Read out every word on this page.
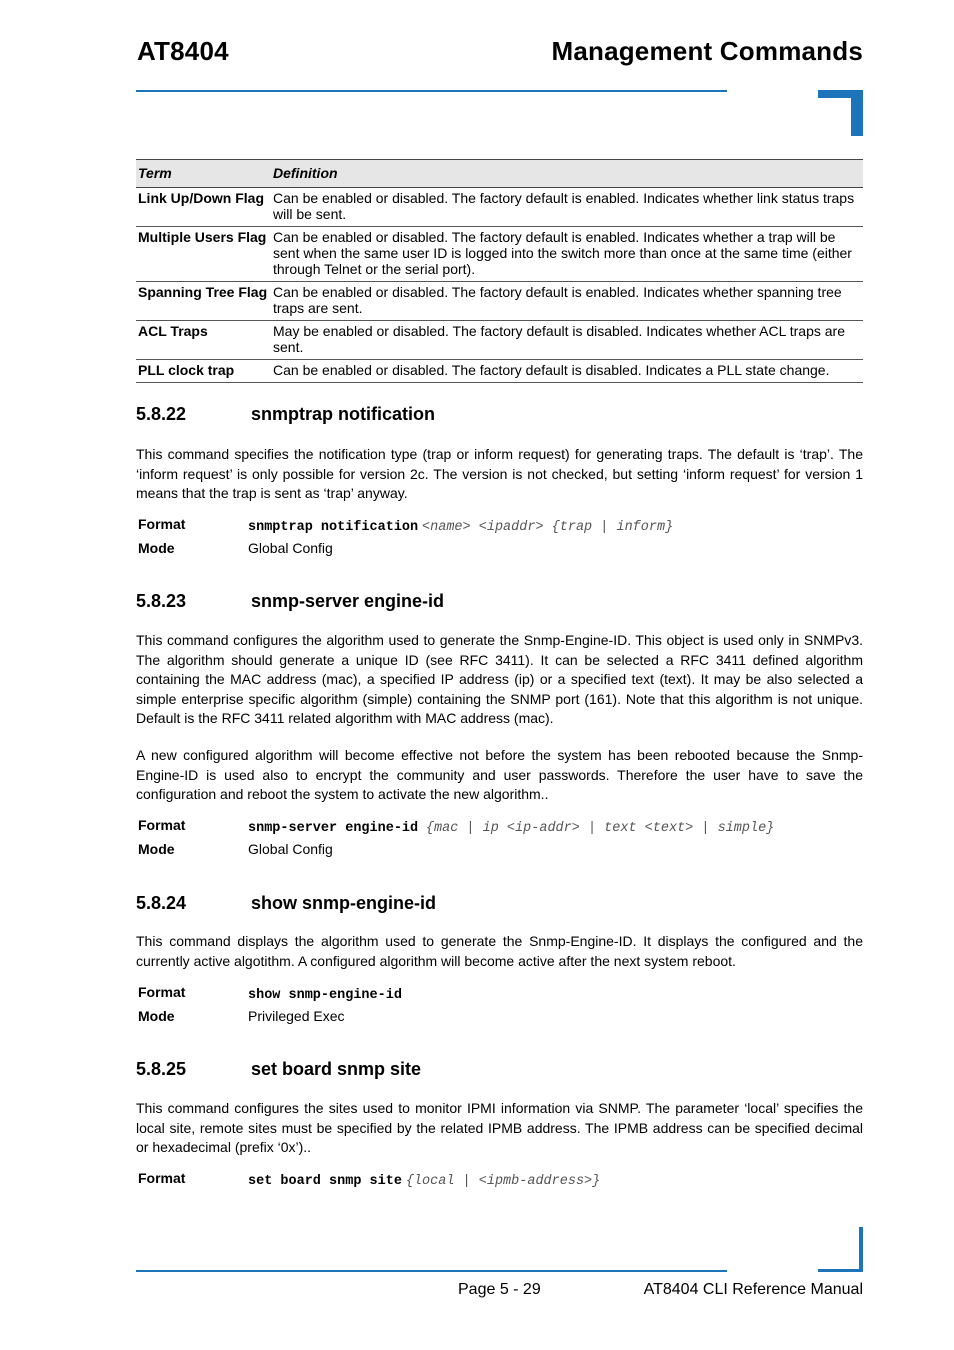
AT8404	Management Commands
Term	Definition
Link Up/Down Flag	Can be enabled or disabled. The factory default is enabled. Indicates whether link status traps will be sent.
Multiple Users Flag	Can be enabled or disabled. The factory default is enabled. Indicates whether a trap will be sent when the same user ID is logged into the switch more than once at the same time (either through Telnet or the serial port).
Spanning Tree Flag	Can be enabled or disabled. The factory default is enabled. Indicates whether spanning tree traps are sent.
ACL Traps	May be enabled or disabled. The factory default is disabled. Indicates whether ACL traps are sent.
PLL clock trap	Can be enabled or disabled. The factory default is disabled. Indicates a PLL state change.
5.8.22	snmptrap notification
This command specifies the notification type (trap or inform request) for generating traps. The default is ‘trap’. The ‘inform request’ is only possible for version 2c. The version is not checked, but setting ‘inform request’ for version 1 means that the trap is sent as ‘trap’ anyway.
Format	snmptrap notification <name> <ipaddr> {trap | inform}
Mode	Global Config
5.8.23	snmp-server engine-id
This command configures the algorithm used to generate the Snmp-Engine-ID. This object is used only in SNMPv3. The algorithm should generate a unique ID (see RFC 3411). It can be selected a RFC 3411 defined algorithm containing the MAC address (mac), a specified IP address (ip) or a specified text (text). It may be also selected a simple enterprise specific algorithm (simple) containing the SNMP port (161). Note that this algorithm is not unique. Default is the RFC 3411 related algorithm with MAC address (mac).
A new configured algorithm will become effective not before the system has been rebooted because the Snmp-Engine-ID is used also to encrypt the community and user passwords. Therefore the user have to save the configuration and reboot the system to activate the new algorithm..
Format	snmp-server engine-id {mac | ip <ip-addr> | text <text> | simple}
Mode	Global Config
5.8.24	show snmp-engine-id
This command displays the algorithm used to generate the Snmp-Engine-ID. It displays the configured and the currently active algotithm. A configured algorithm will become active after the next system reboot.
Format	show snmp-engine-id
Mode	Privileged Exec
5.8.25	set board snmp site
This command configures the sites used to monitor IPMI information via SNMP. The parameter ‘local’ specifies the local site, remote sites must be specified by the related IPMB address. The IPMB address can be specified decimal or hexadecimal (prefix ‘0x’)..
Format	set board snmp site {local | <ipmb-address>}
Page 5 - 29	AT8404 CLI Reference Manual
